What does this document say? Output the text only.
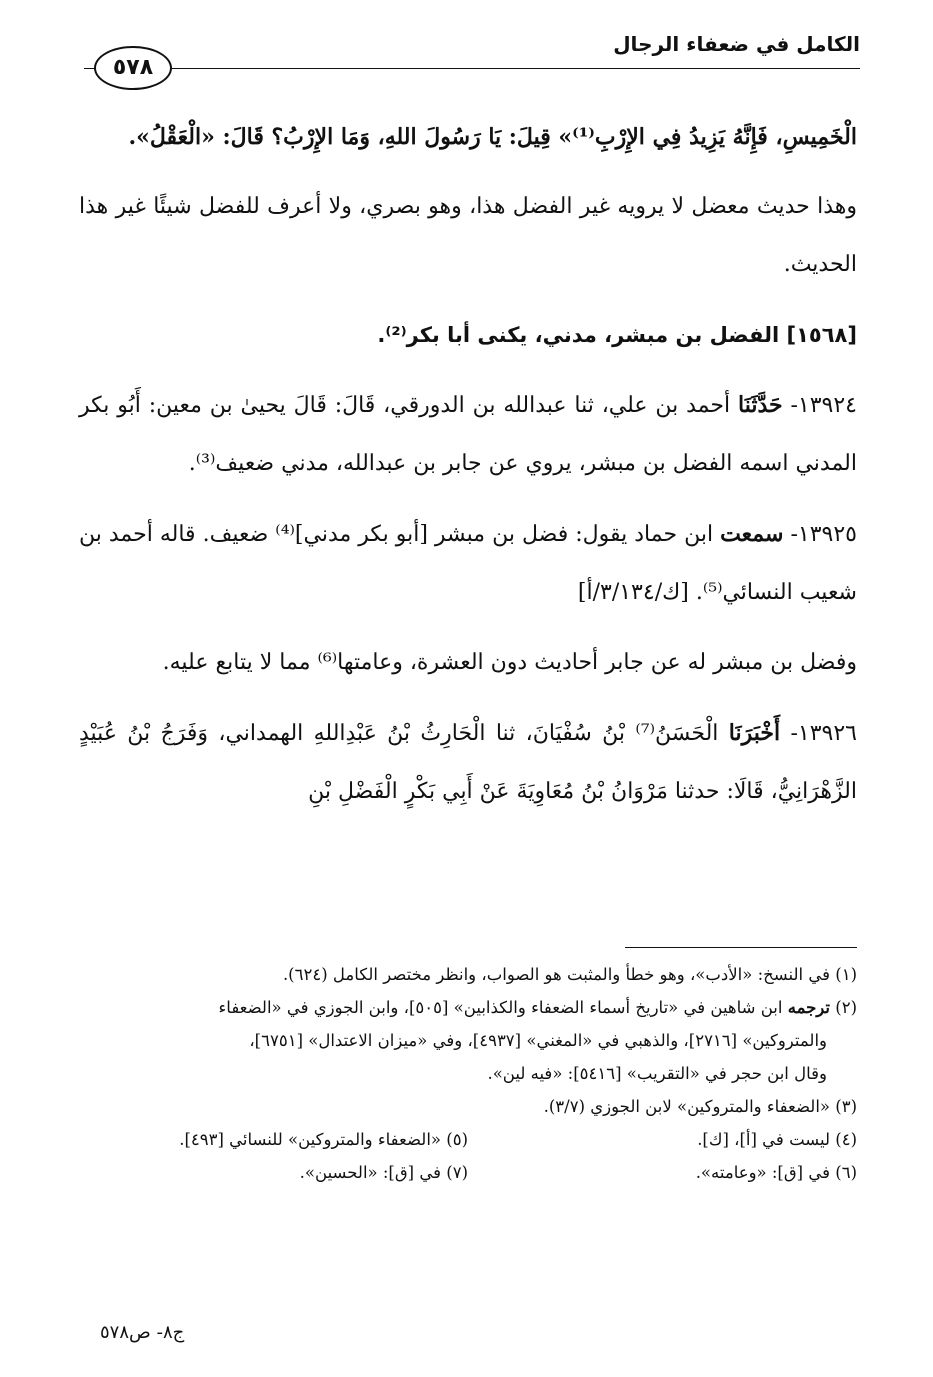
الكامل في ضعفاء الرجال
٥٧٨

الْخَمِيسِ، فَإِنَّهُ يَزِيدُ فِي الإِرْبِ⁽¹⁾» قِيلَ: يَا رَسُولَ اللهِ، وَمَا الإِرْبُ؟ قَالَ: «الْعَقْلُ».

وهذا حديث معضل لا يرويه غير الفضل هذا، وهو بصري، ولا أعرف للفضل شيئًا غير هذا الحديث.

[١٥٦٨] الفضل بن مبشر، مدني، يكنى أبا بكر⁽²⁾.

١٣٩٢٤- حَدَّثَنَا أحمد بن علي، ثنا عبدالله بن الدورقي، قَالَ: قَالَ يحيىٰ بن معين: أَبُو بكر المدني اسمه الفضل بن مبشر، يروي عن جابر بن عبدالله، مدني ضعيف⁽³⁾.

١٣٩٢٥- سمعت ابن حماد يقول: فضل بن مبشر [أبو بكر مدني]⁽⁴⁾ ضعيف. قاله أحمد بن شعيب النسائي⁽⁵⁾. [ك/٣/١٣٤/أ]

وفضل بن مبشر له عن جابر أحاديث دون العشرة، وعامتها⁽⁶⁾ مما لا يتابع عليه.

١٣٩٢٦- أَخْبَرَنَا الْحَسَنُ⁽⁷⁾ بْنُ سُفْيَانَ، ثنا الْحَارِثُ بْنُ عَبْدِاللهِ الهمداني، وَفَرَجُ بْنُ عُبَيْدٍ الزَّهْرَانِيُّ، قَالَا: حدثنا مَرْوَانُ بْنُ مُعَاوِيَةَ عَنْ أَبِي بَكْرٍ الْفَضْلِ بْنِ

(١) في النسخ: «الأدب»، وهو خطأ والمثبت هو الصواب، وانظر مختصر الكامل (٦٢٤).

(٢) ترجمه ابن شاهين في «تاريخ أسماء الضعفاء والكذابين» [٥٠٥]، وابن الجوزي في «الضعفاء

والمتروكين» [٢٧١٦]، والذهبي في «المغني» [٤٩٣٧]، وفي «ميزان الاعتدال» [٦٧٥١]،

وقال ابن حجر في «التقريب» [٥٤١٦]: «فيه لين».

(٣) «الضعفاء والمتروكين» لابن الجوزي (٣/٧).

(٤) ليست في [أ]، [ك].

(٥) «الضعفاء والمتروكين» للنسائي [٤٩٣].

(٦) في [ق]: «وعامته».

(٧) في [ق]: «الحسين».

ج٨- ص٥٧٨
